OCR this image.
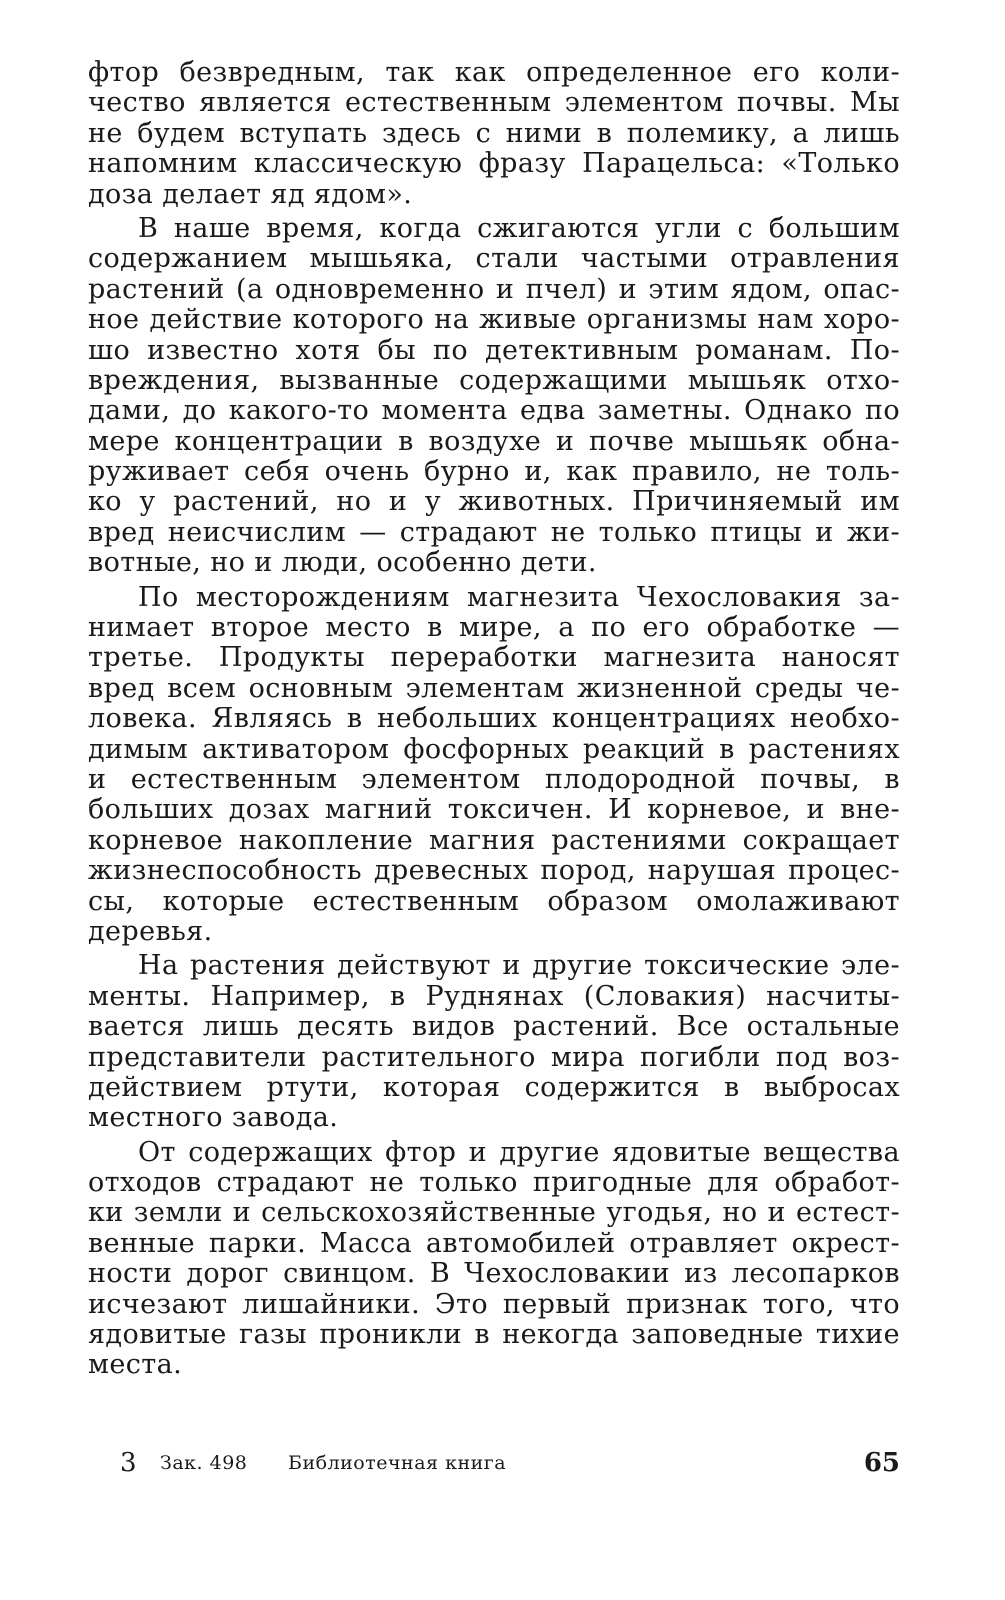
фтор безвредным, так как определенное его коли-
чество является естественным элементом почвы. Мы
не будем вступать здесь с ними в полемику, а лишь
напомним классическую фразу Парацельса: «Только
доза делает яд ядом».
В наше время, когда сжигаются угли с большим
содержанием мышьяка, стали частыми отравления
растений (а одновременно и пчел) и этим ядом, опас-
ное действие которого на живые организмы нам хоро-
шо известно хотя бы по детективным романам. По-
вреждения, вызванные содержащими мышьяк отхо-
дами, до какого-то момента едва заметны. Однако по
мере концентрации в воздухе и почве мышьяк обна-
руживает себя очень бурно и, как правило, не толь-
ко у растений, но и у животных. Причиняемый им
вред неисчислим — страдают не только птицы и жи-
вотные, но и люди, особенно дети.
По месторождениям магнезита Чехословакия за-
нимает второе место в мире, а по его обработке —
третье. Продукты переработки магнезита наносят
вред всем основным элементам жизненной среды че-
ловека. Являясь в небольших концентрациях необхо-
димым активатором фосфорных реакций в растениях
и естественным элементом плодородной почвы, в
больших дозах магний токсичен. И корневое, и вне-
корневое накопление магния растениями сокращает
жизнеспособность древесных пород, нарушая процес-
сы, которые естественным образом омолаживают
деревья.
На растения действуют и другие токсические эле-
менты. Например, в Руднянах (Словакия) насчиты-
вается лишь десять видов растений. Все остальные
представители растительного мира погибли под воз-
действием ртути, которая содержится в выбросах
местного завода.
От содержащих фтор и другие ядовитые вещества
отходов страдают не только пригодные для обработ-
ки земли и сельскохозяйственные угодья, но и естест-
венные парки. Масса автомобилей отравляет окрест-
ности дорог свинцом. В Чехословакии из лесопарков
исчезают лишайники. Это первый признак того, что
ядовитые газы проникли в некогда заповедные тихие
места.
3 Зак. 498 Библиотечная книга	65
